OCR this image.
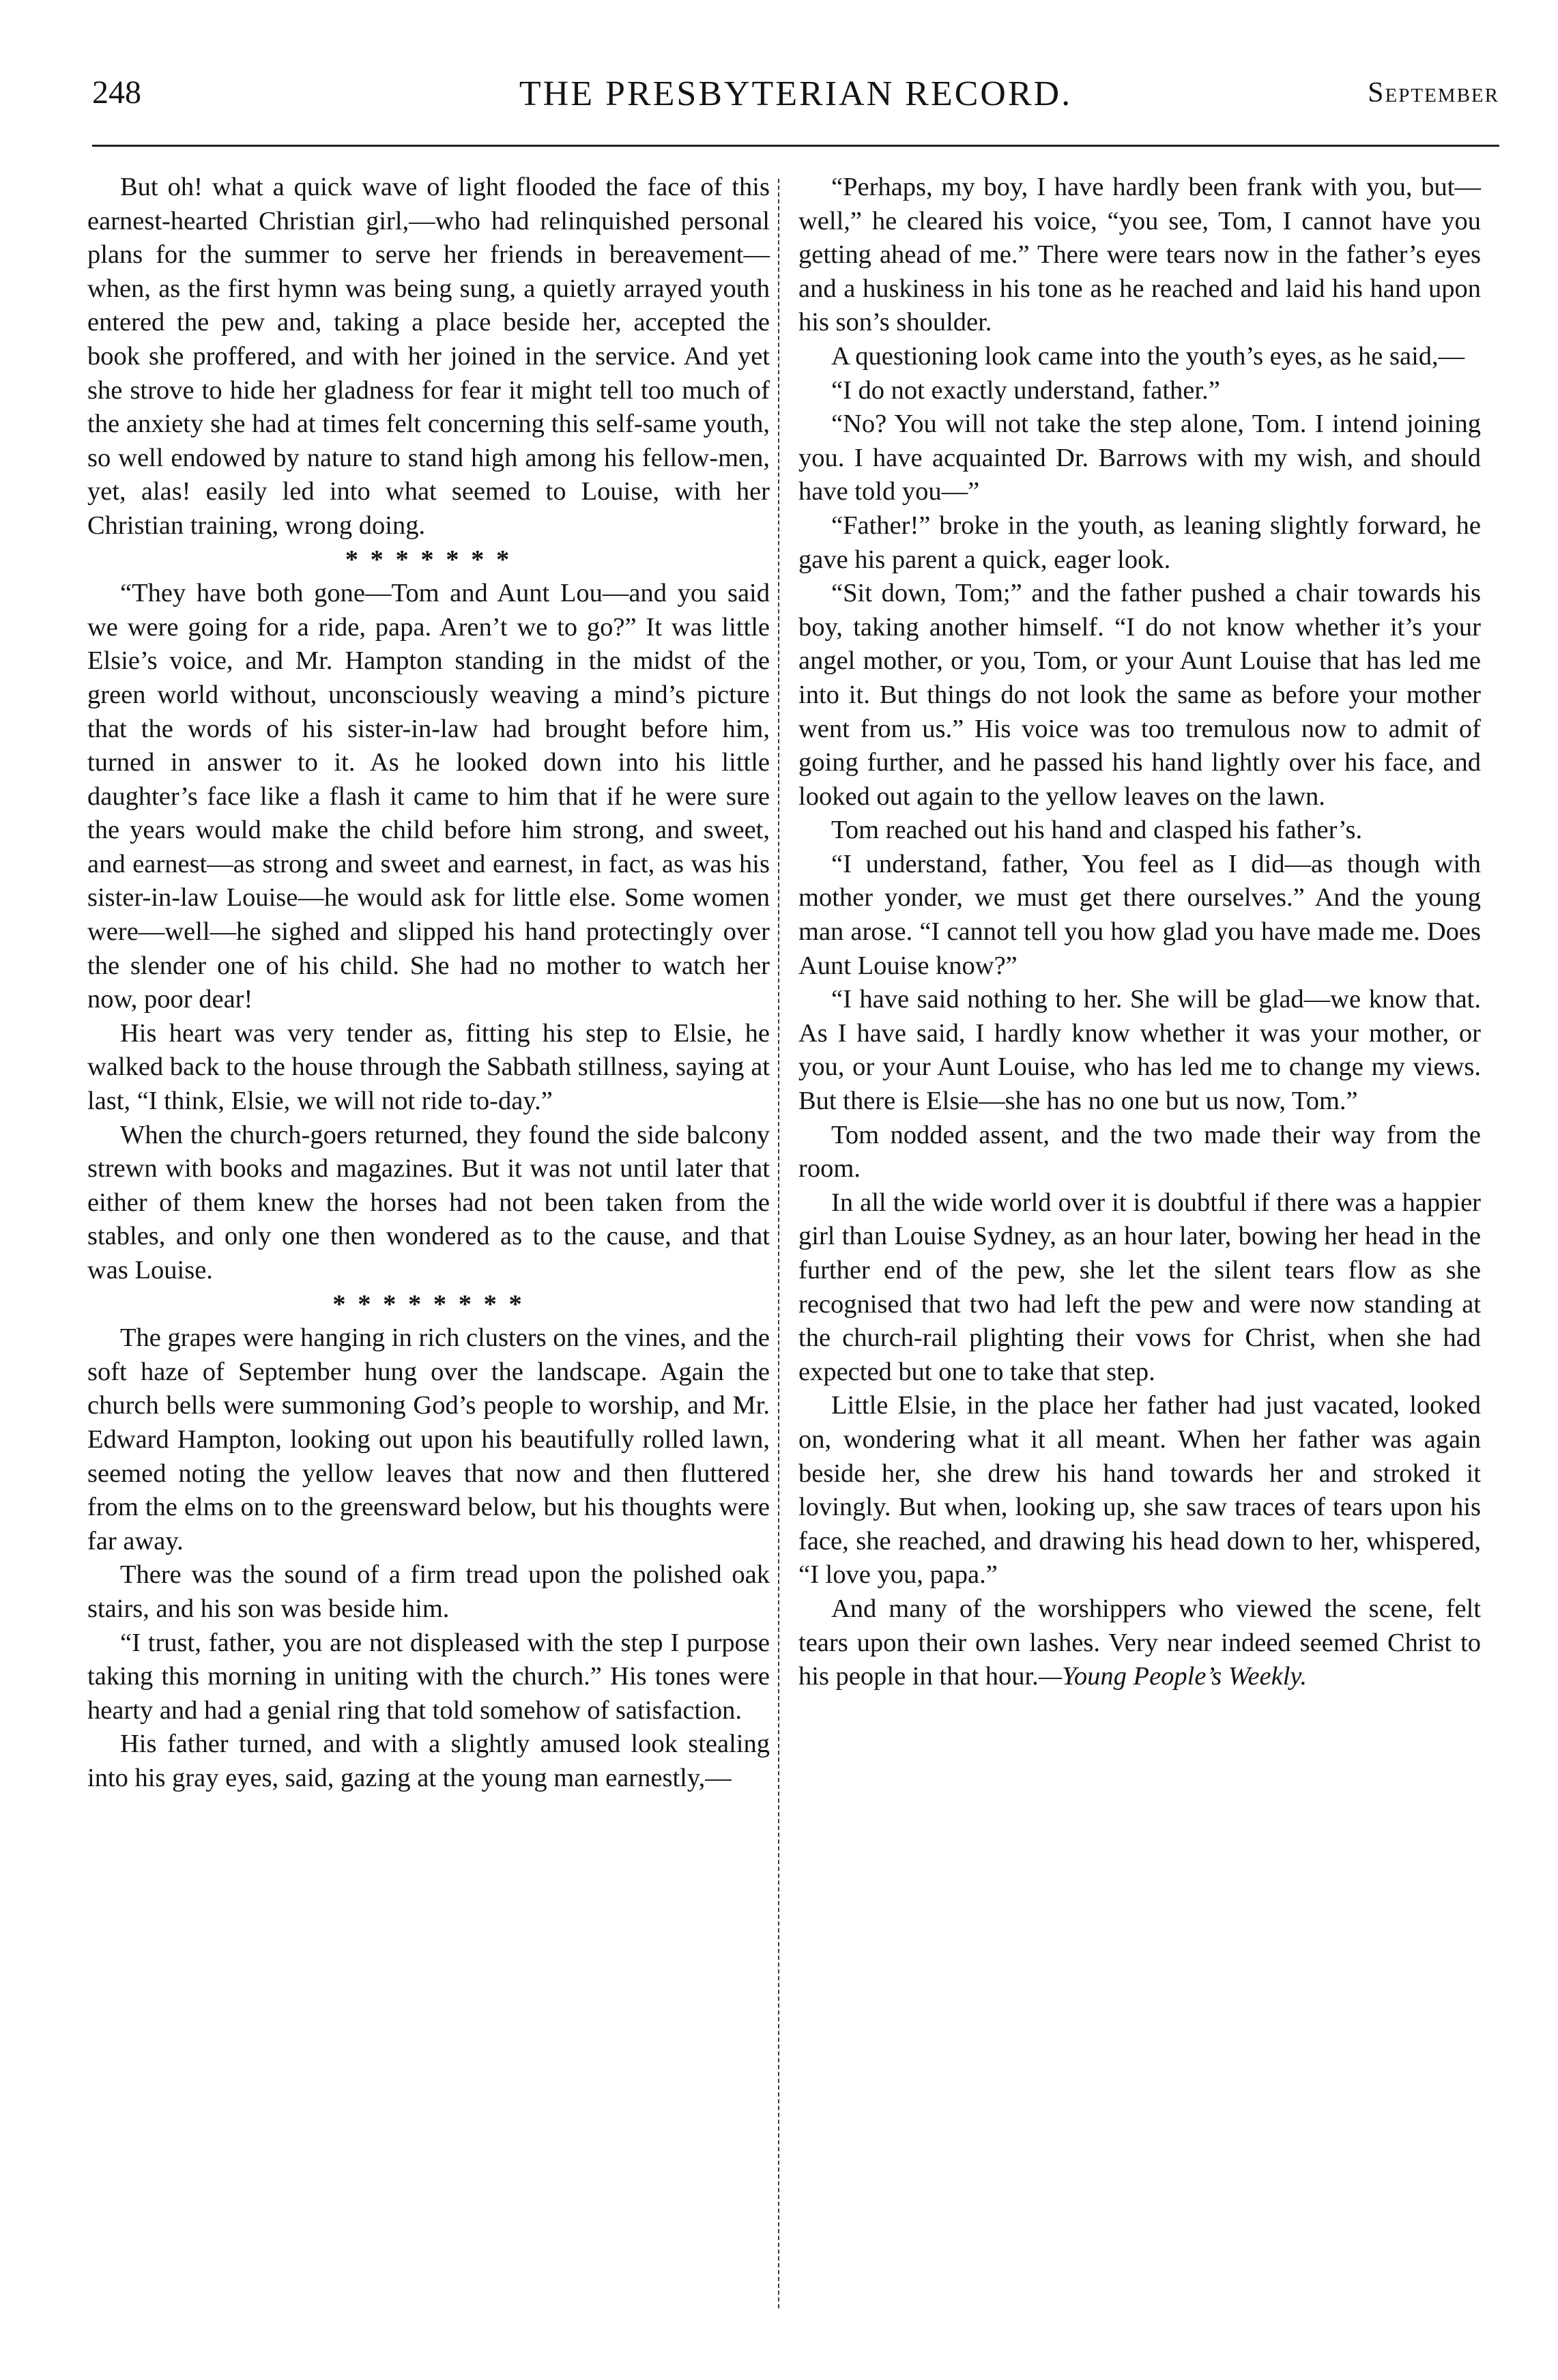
248	THE PRESBYTERIAN RECORD.	September

But oh! what a quick wave of light flooded the face of this earnest-hearted Christian girl,—who had relinquished personal plans for the summer to serve her friends in bereavement—when, as the first hymn was being sung, a quietly arrayed youth entered the pew and, taking a place beside her, accepted the book she proffered, and with her joined in the service. And yet she strove to hide her gladness for fear it might tell too much of the anxiety she had at times felt concerning this self-same youth, so well endowed by nature to stand high among his fellow-men, yet, alas! easily led into what seemed to Louise, with her Christian training, wrong doing.

* * * * * * *

“They have both gone—Tom and Aunt Lou—and you said we were going for a ride, papa. Aren’t we to go?” It was little Elsie’s voice, and Mr. Hampton standing in the midst of the green world without, unconsciously weaving a mind’s picture that the words of his sister-in-law had brought before him, turned in answer to it. As he looked down into his little daughter’s face like a flash it came to him that if he were sure the years would make the child before him strong, and sweet, and earnest—as strong and sweet and earnest, in fact, as was his sister-in-law Louise—he would ask for little else. Some women were—well—he sighed and slipped his hand protectingly over the slender one of his child. She had no mother to watch her now, poor dear!

His heart was very tender as, fitting his step to Elsie, he walked back to the house through the Sabbath stillness, saying at last, “I think, Elsie, we will not ride to-day.”

When the church-goers returned, they found the side balcony strewn with books and magazines. But it was not until later that either of them knew the horses had not been taken from the stables, and only one then wondered as to the cause, and that was Louise.

* * * * * * * *

The grapes were hanging in rich clusters on the vines, and the soft haze of September hung over the landscape. Again the church bells were summoning God’s people to worship, and Mr. Edward Hampton, looking out upon his beautifully rolled lawn, seemed noting the yellow leaves that now and then fluttered from the elms on to the greensward below, but his thoughts were far away.

There was the sound of a firm tread upon the polished oak stairs, and his son was beside him.

“I trust, father, you are not displeased with the step I purpose taking this morning in uniting with the church.” His tones were hearty and had a genial ring that told somehow of satisfaction.

His father turned, and with a slightly amused look stealing into his gray eyes, said, gazing at the young man earnestly,—

“Perhaps, my boy, I have hardly been frank with you, but—well,” he cleared his voice, “you see, Tom, I cannot have you getting ahead of me.” There were tears now in the father’s eyes and a huskiness in his tone as he reached and laid his hand upon his son’s shoulder.

A questioning look came into the youth’s eyes, as he said,—

“I do not exactly understand, father.”

“No? You will not take the step alone, Tom. I intend joining you. I have acquainted Dr. Barrows with my wish, and should have told you—”

“Father!” broke in the youth, as leaning slightly forward, he gave his parent a quick, eager look.

“Sit down, Tom;” and the father pushed a chair towards his boy, taking another himself. “I do not know whether it’s your angel mother, or you, Tom, or your Aunt Louise that has led me into it. But things do not look the same as before your mother went from us.” His voice was too tremulous now to admit of going further, and he passed his hand lightly over his face, and looked out again to the yellow leaves on the lawn.

Tom reached out his hand and clasped his father’s.

“I understand, father, You feel as I did—as though with mother yonder, we must get there ourselves.” And the young man arose. “I cannot tell you how glad you have made me. Does Aunt Louise know?”

“I have said nothing to her. She will be glad—we know that. As I have said, I hardly know whether it was your mother, or you, or your Aunt Louise, who has led me to change my views. But there is Elsie—she has no one but us now, Tom.”

Tom nodded assent, and the two made their way from the room.

In all the wide world over it is doubtful if there was a happier girl than Louise Sydney, as an hour later, bowing her head in the further end of the pew, she let the silent tears flow as she recognised that two had left the pew and were now standing at the church-rail plighting their vows for Christ, when she had expected but one to take that step.

Little Elsie, in the place her father had just vacated, looked on, wondering what it all meant. When her father was again beside her, she drew his hand towards her and stroked it lovingly. But when, looking up, she saw traces of tears upon his face, she reached, and drawing his head down to her, whispered, “I love you, papa.”

And many of the worshippers who viewed the scene, felt tears upon their own lashes. Very near indeed seemed Christ to his people in that hour.—Young People’s Weekly.
